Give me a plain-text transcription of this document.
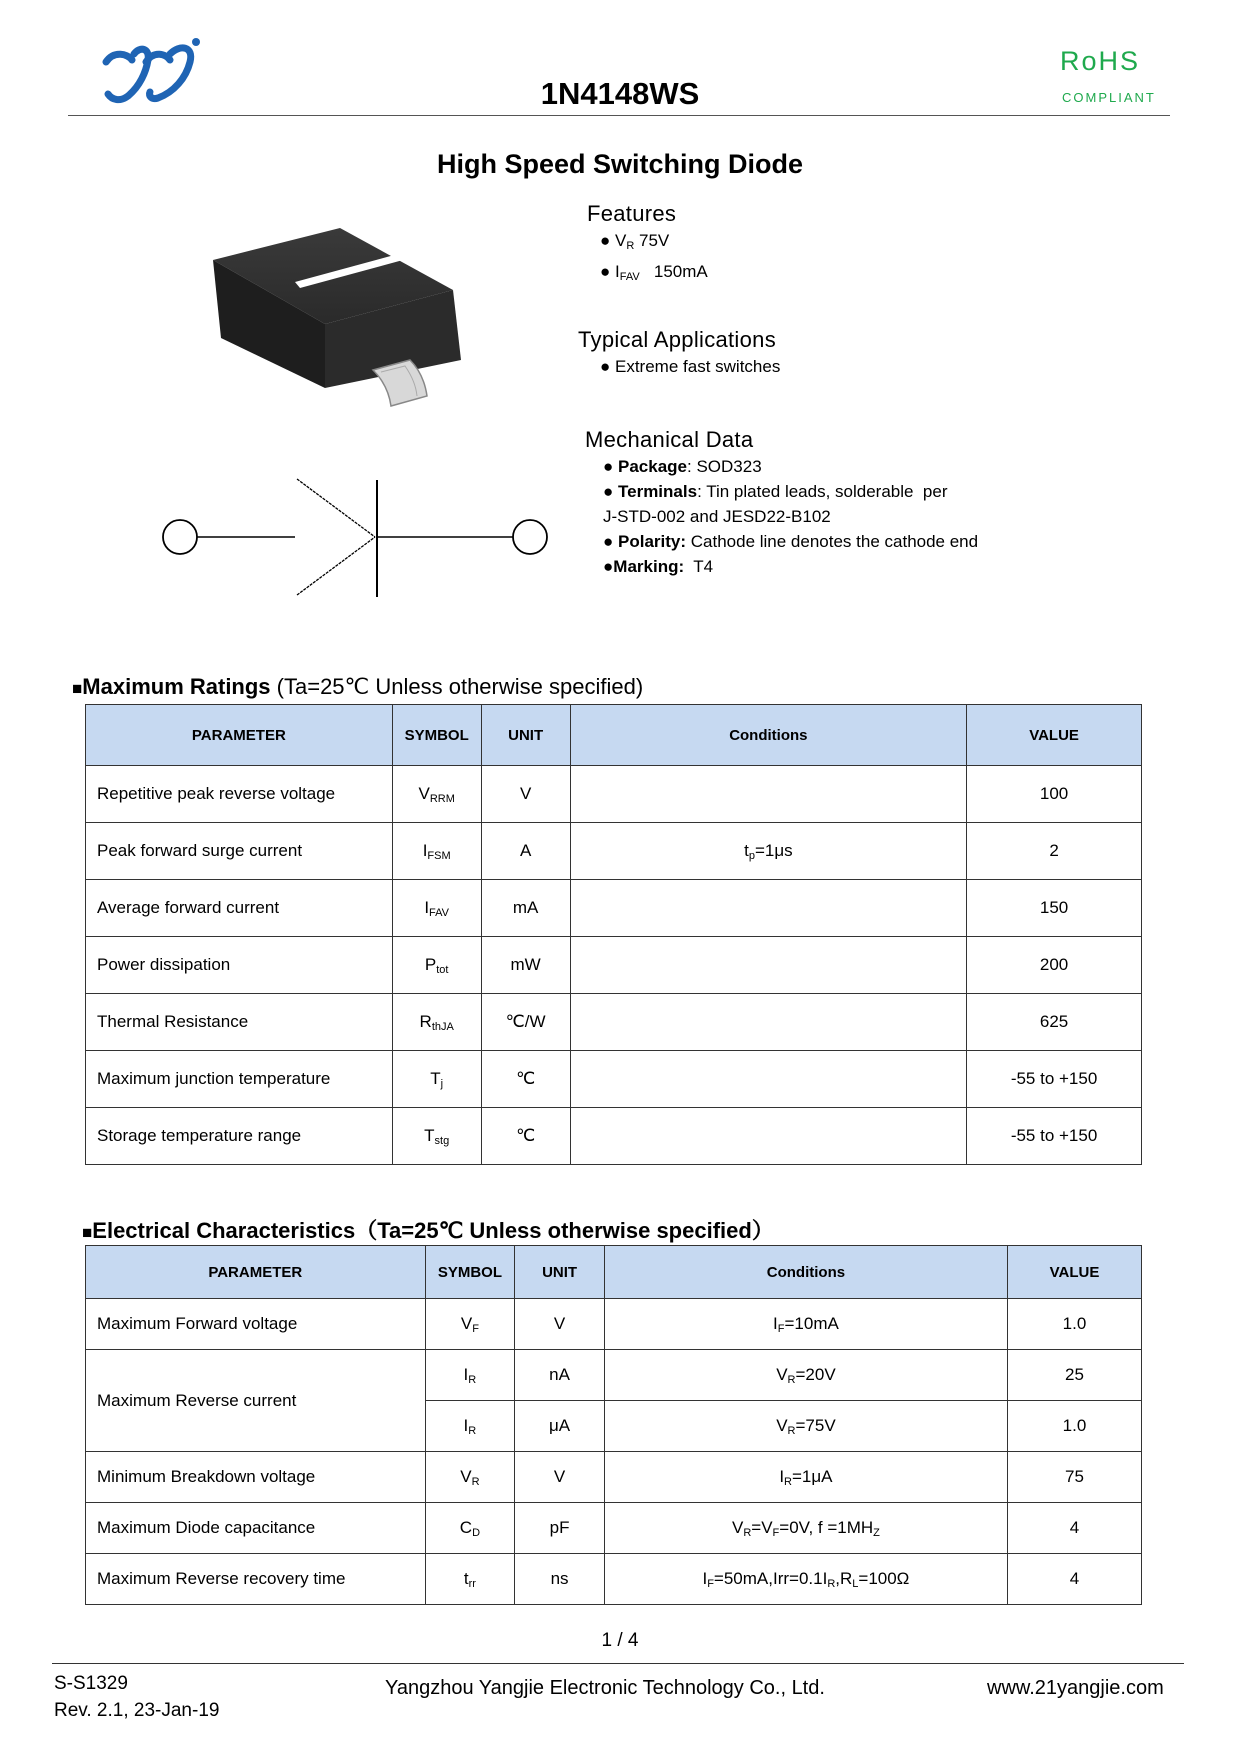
1N4148WS
RoHS
COMPLIANT
High Speed Switching Diode
Features
● $V_R$ 75V
● $I_{FAV}$   150mA
Typical Applications
● Extreme fast switches
Mechanical Data
● Package: SOD323
● Terminals: Tin plated leads, solderable  per
J-STD-002 and JESD22-B102
● Polarity: Cathode line denotes the cathode end
●Marking:  T4
■Maximum Ratings (Ta=25℃ Unless otherwise specified)
PARAMETER	SYMBOL	UNIT	Conditions	VALUE
Repetitive peak reverse voltage	$V_{RRM}$	V		100
Peak forward surge current	$I_{FSM}$	A	$t_p=1\mu s$	2
Average forward current	$I_{FAV}$	mA		150
Power dissipation	$P_{tot}$	mW		200
Thermal Resistance	$R_{thJA}$	℃/W		625
Maximum junction temperature	$T_j$	℃		-55 to +150
Storage temperature range	$T_{stg}$	℃		-55 to +150
■Electrical Characteristics（Ta=25℃ Unless otherwise specified）
PARAMETER	SYMBOL	UNIT	Conditions	VALUE
Maximum Forward voltage	$V_F$	V	$I_F=10mA$	1.0
Maximum Reverse current	$I_R$	nA	$V_R=20V$	25
	$I_R$	μA	$V_R=75V$	1.0
Minimum Breakdown voltage	$V_R$	V	$I_R=1\mu A$	75
Maximum Diode capacitance	$C_D$	pF	$V_R=V_F=0V$, $f =1MH_Z$	4
Maximum Reverse recovery time	$t_{rr}$	ns	$I_F=50mA,Irr=0.1I_R,R_L=100\Omega$	4
1 / 4
S-S1329
Rev. 2.1, 23-Jan-19
Yangzhou Yangjie Electronic Technology Co., Ltd.	www.21yangjie.com
